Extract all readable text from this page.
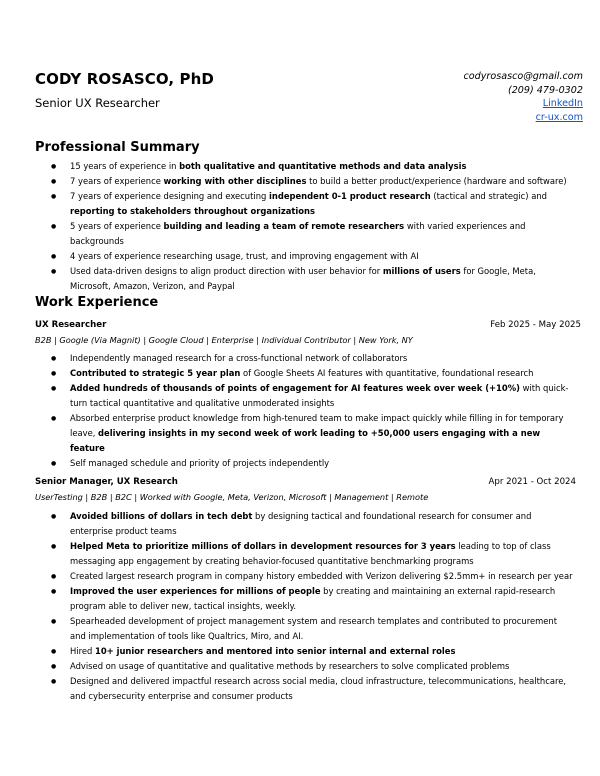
CODY ROSASCO, PhD
Senior UX Researcher
codyrosasco@gmail.com
(209) 479-0302
LinkedIn
cr-ux.com
Professional Summary
● 15 years of experience in both qualitative and quantitative methods and data analysis
● 7 years of experience working with other disciplines to build a better product/experience (hardware and software)
● 7 years of experience designing and executing independent 0-1 product research (tactical and strategic) and reporting to stakeholders throughout organizations
● 5 years of experience building and leading a team of remote researchers with varied experiences and backgrounds
● 4 years of experience researching usage, trust, and improving engagement with AI
● Used data-driven designs to align product direction with user behavior for millions of users for Google, Meta, Microsoft, Amazon, Verizon, and Paypal
Work Experience
UX Researcher	Feb 2025 - May 2025
B2B | Google (Via Magnit) | Google Cloud | Enterprise | Individual Contributor | New York, NY
● Independently managed research for a cross-functional network of collaborators
● Contributed to strategic 5 year plan of Google Sheets AI features with quantitative, foundational research
● Added hundreds of thousands of points of engagement for AI features week over week (+10%) with quick-turn tactical quantitative and qualitative unmoderated insights
● Absorbed enterprise product knowledge from high-tenured team to make impact quickly while filling in for temporary leave, delivering insights in my second week of work leading to +50,000 users engaging with a new feature
● Self managed schedule and priority of projects independently
Senior Manager, UX Research	Apr 2021 - Oct 2024
UserTesting | B2B | B2C | Worked with Google, Meta, Verizon, Microsoft | Management | Remote
● Avoided billions of dollars in tech debt by designing tactical and foundational research for consumer and enterprise product teams
● Helped Meta to prioritize millions of dollars in development resources for 3 years leading to top of class messaging app engagement by creating behavior-focused quantitative benchmarking programs
● Created largest research program in company history embedded with Verizon delivering $2.5mm+ in research per year
● Improved the user experiences for millions of people by creating and maintaining an external rapid-research program able to deliver new, tactical insights, weekly.
● Spearheaded development of project management system and research templates and contributed to procurement and implementation of tools like Qualtrics, Miro, and AI.
● Hired 10+ junior researchers and mentored into senior internal and external roles
● Advised on usage of quantitative and qualitative methods by researchers to solve complicated problems
● Designed and delivered impactful research across social media, cloud infrastructure, telecommunications, healthcare, and cybersecurity enterprise and consumer products
